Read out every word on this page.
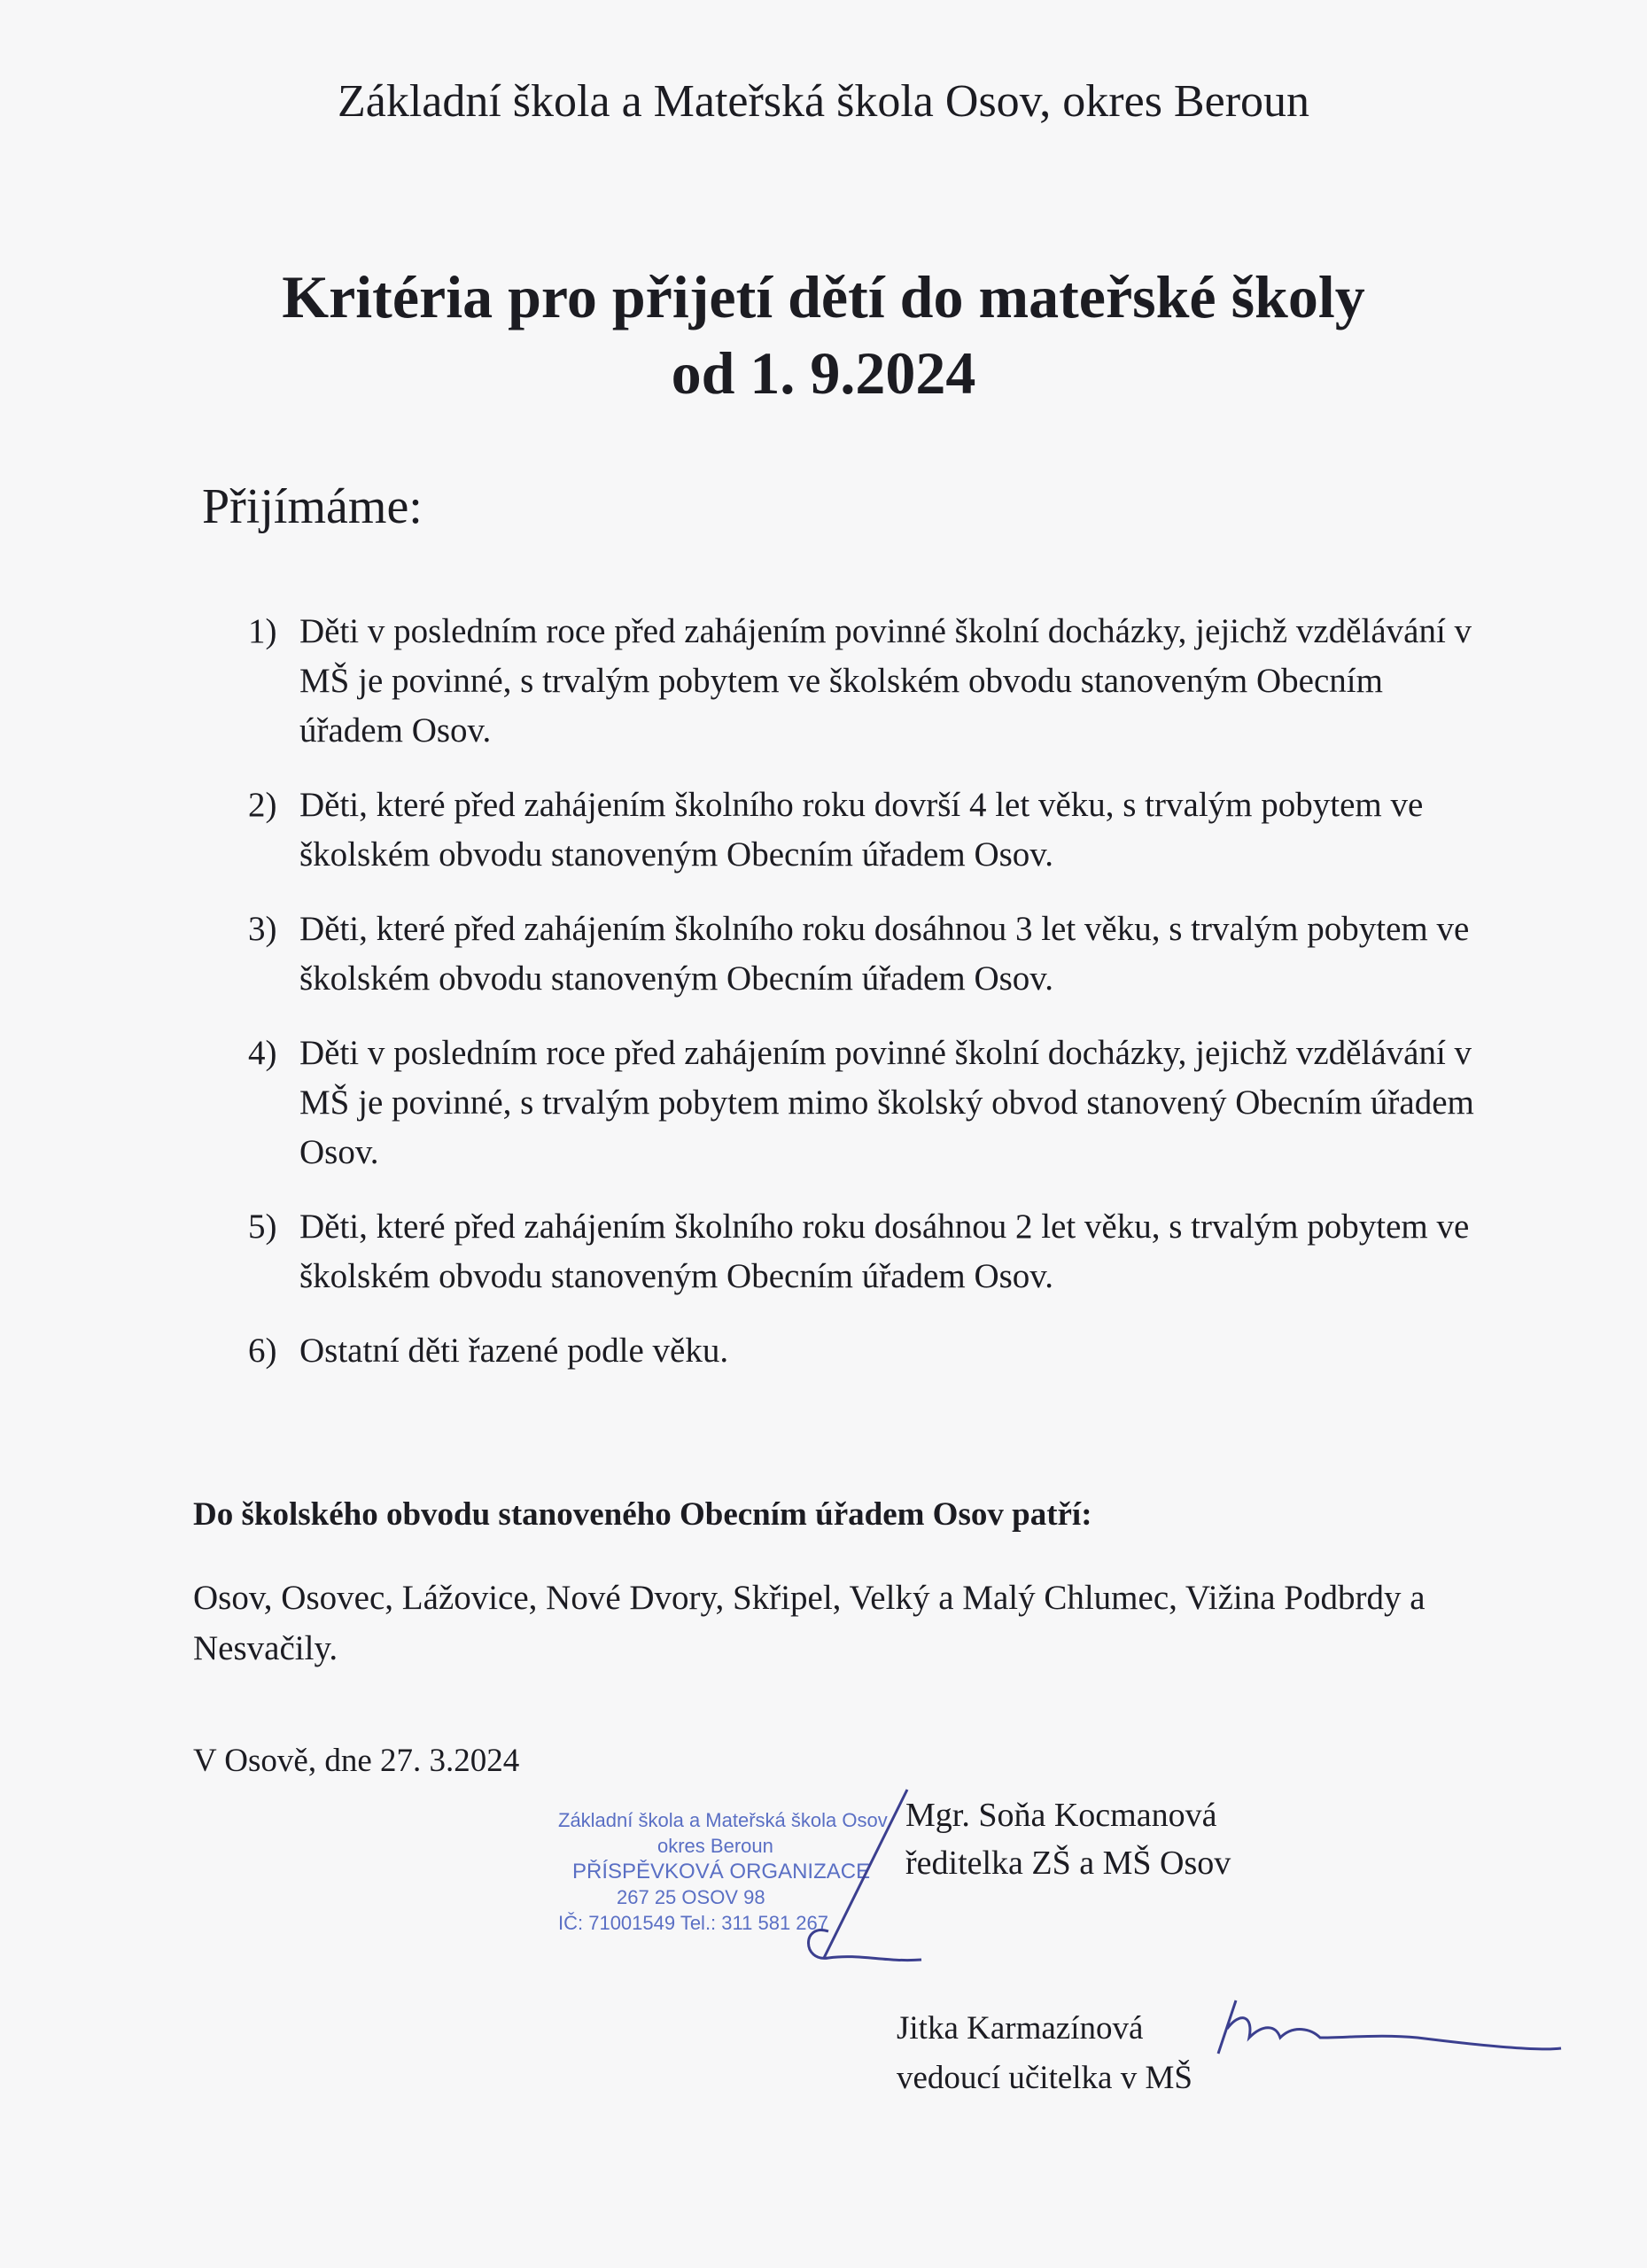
Základní škola a Mateřská škola Osov, okres Beroun
Kritéria pro přijetí dětí do mateřské školy
od 1. 9.2024
Přijímáme:
1) Děti v posledním roce před zahájením povinné školní docházky, jejichž vzdělávání v MŠ je povinné, s trvalým pobytem ve školském obvodu stanoveným Obecním úřadem Osov.
2) Děti, které před zahájením školního roku dovrší 4 let věku, s trvalým pobytem ve školském obvodu stanoveným Obecním úřadem Osov.
3) Děti, které před zahájením školního roku dosáhnou 3 let věku, s trvalým pobytem ve školském obvodu stanoveným Obecním úřadem Osov.
4) Děti v posledním roce před zahájením povinné školní docházky, jejichž vzdělávání v MŠ je povinné, s trvalým pobytem mimo školský obvod stanovený Obecním úřadem Osov.
5) Děti, které před zahájením školního roku dosáhnou 2 let věku, s trvalým pobytem ve školském obvodu stanoveným Obecním úřadem Osov.
6) Ostatní děti řazené podle věku.
Do školského obvodu stanoveného Obecním úřadem Osov patří:
Osov, Osovec, Lážovice, Nové Dvory, Skřipel, Velký a Malý Chlumec, Vižina Podbrdy a Nesvačily.
V Osově, dne 27. 3.2024
Základní škola a Mateřská škola Osov
okres Beroun
PŘÍSPĚVKOVÁ ORGANIZACE
267 25 OSOV 98
IČ: 71001549 Tel.: 311 581 267
Mgr. Soňa Kocmanová
ředitelka ZŠ a MŠ Osov
Jitka Karmazínová
vedoucí učitelka v MŠ
